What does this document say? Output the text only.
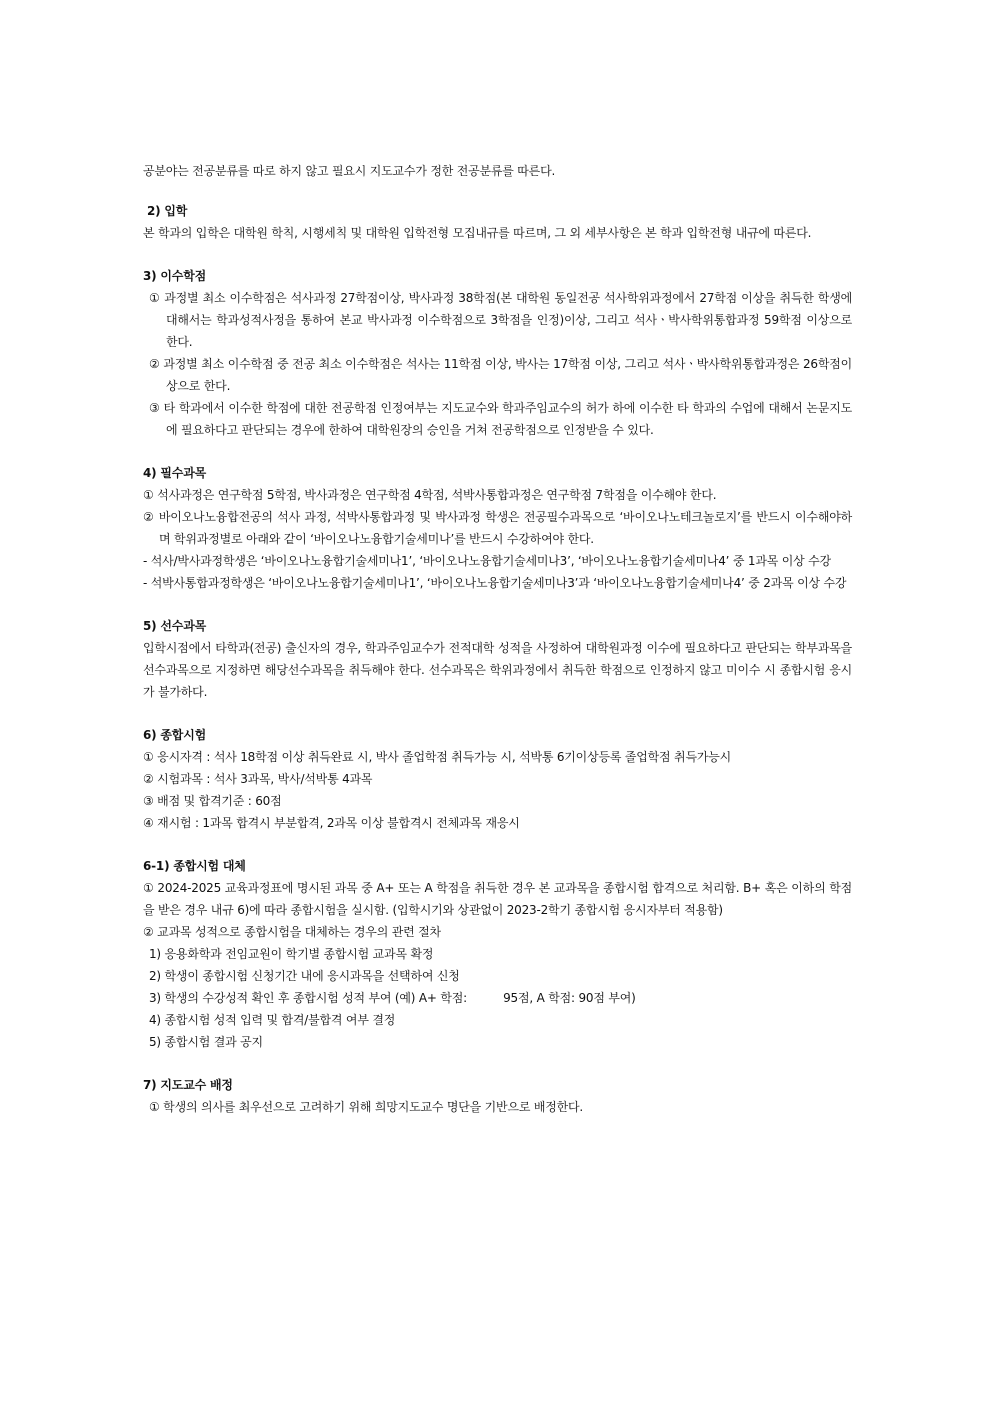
공분야는 전공분류를 따로 하지 않고 필요시 지도교수가 정한 전공분류를 따른다.

2) 입학

본 학과의 입학은 대학원 학칙, 시행세칙 및 대학원 입학전형 모집내규를 따르며, 그 외 세부사항은 본 학과 입학전형 내규에 따른다.

3) 이수학점

① 과정별 최소 이수학점은 석사과정 27학점이상, 박사과정 38학점(본 대학원 동일전공 석사학위과정에서 27학점 이상을 취득한 학생에 대해서는 학과성적사정을 통하여 본교 박사과정 이수학점으로 3학점을 인정)이상, 그리고 석사ㆍ박사학위통합과정 59학점 이상으로 한다.

② 과정별 최소 이수학점 중 전공 최소 이수학점은 석사는 11학점 이상, 박사는 17학점 이상, 그리고 석사ㆍ박사학위통합과정은 26학점이상으로 한다.

③ 타 학과에서 이수한 학점에 대한 전공학점 인정여부는 지도교수와 학과주임교수의 허가 하에 이수한 타 학과의 수업에 대해서 논문지도에 필요하다고 판단되는 경우에 한하여 대학원장의 승인을 거쳐 전공학점으로 인정받을 수 있다.

4) 필수과목

① 석사과정은 연구학점 5학점, 박사과정은 연구학점 4학점, 석박사통합과정은 연구학점 7학점을 이수해야 한다.

② 바이오나노융합전공의 석사 과정, 석박사통합과정 및 박사과정 학생은 전공필수과목으로 ‘바이오나노테크놀로지’를 반드시 이수해야하며 학위과정별로 아래와 같이 ‘바이오나노융합기술세미나’를 반드시 수강하여야 한다.

- 석사/박사과정학생은 ‘바이오나노융합기술세미나1’, ‘바이오나노융합기술세미나3’, ‘바이오나노융합기술세미나4’ 중 1과목 이상 수강

- 석박사통합과정학생은 ‘바이오나노융합기술세미나1’, ‘바이오나노융합기술세미나3’과 ‘바이오나노융합기술세미나4’ 중 2과목 이상 수강

5) 선수과목

입학시점에서 타학과(전공) 출신자의 경우, 학과주임교수가 전적대학 성적을 사정하여 대학원과정 이수에 필요하다고 판단되는 학부과목을 선수과목으로 지정하면 해당선수과목을 취득해야 한다. 선수과목은 학위과정에서 취득한 학점으로 인정하지 않고 미이수 시 종합시험 응시가 불가하다.

6) 종합시험

① 응시자격 : 석사 18학점 이상 취득완료 시, 박사 졸업학점 취득가능 시, 석박통 6기이상등록 졸업학점 취득가능시

② 시험과목 : 석사 3과목, 박사/석박통 4과목

③ 배점 및 합격기준 : 60점

④ 재시험 : 1과목 합격시 부분합격, 2과목 이상 불합격시 전체과목 재응시

6-1) 종합시험 대체

① 2024-2025 교육과정표에 명시된 과목 중 A+ 또는 A 학점을 취득한 경우 본 교과목을 종합시험 합격으로 처리함. B+ 혹은 이하의 학점을 받은 경우 내규 6)에 따라 종합시험을 실시함. (입학시기와 상관없이 2023-2학기 종합시험 응시자부터 적용함)

② 교과목 성적으로 종합시험을 대체하는 경우의 관련 절차

1) 응용화학과 전임교원이 학기별 종합시험 교과목 확정

2) 학생이 종합시험 신청기간 내에 응시과목을 선택하여 신청

3) 학생의 수강성적 확인 후 종합시험 성적 부여 (예) A+ 학점:          95점, A 학점: 90점 부여)

4) 종합시험 성적 입력 및 합격/불합격 여부 결정

5) 종합시험 결과 공지

7) 지도교수 배정

① 학생의 의사를 최우선으로 고려하기 위해 희망지도교수 명단을 기반으로 배정한다.
